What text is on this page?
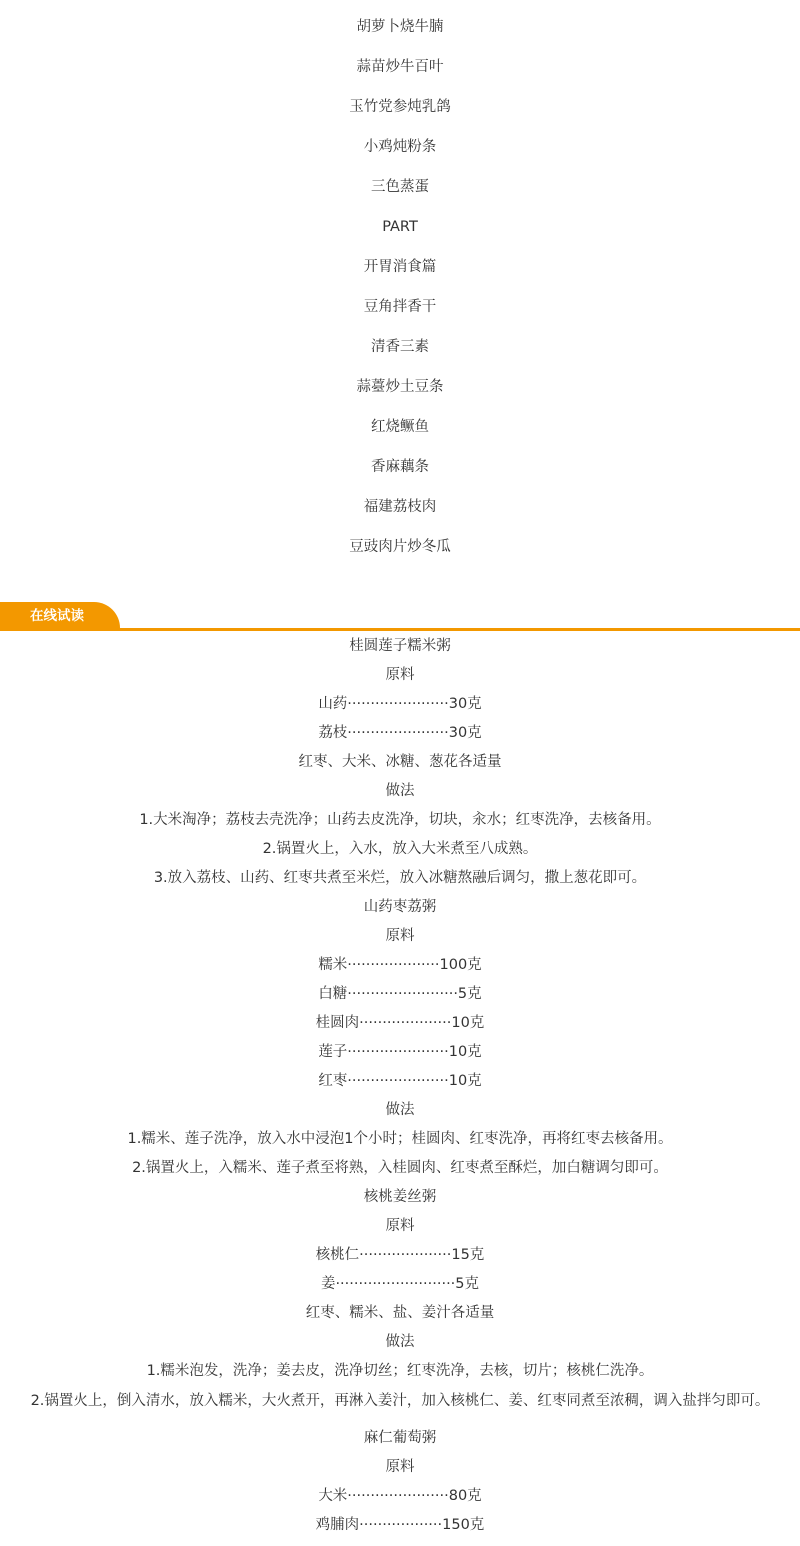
胡萝卜烧牛腩
蒜苗炒牛百叶
玉竹党参炖乳鸽
小鸡炖粉条
三色蒸蛋
PART
开胃消食篇
豆角拌香干
清香三素
蒜薹炒土豆条
红烧鳜鱼
香麻藕条
福建荔枝肉
豆豉肉片炒冬瓜
在线试读
桂圆莲子糯米粥
原料
山药······················30克
荔枝······················30克
红枣、大米、冰糖、葱花各适量
做法
1.大米淘净；荔枝去壳洗净；山药去皮洗净，切块，汆水；红枣洗净，去核备用。
2.锅置火上，入水，放入大米煮至八成熟。
3.放入荔枝、山药、红枣共煮至米烂，放入冰糖熬融后调匀，撒上葱花即可。
山药枣荔粥
原料
糯米····················100克
白糖························5克
桂圆肉····················10克
莲子······················10克
红枣······················10克
做法
1.糯米、莲子洗净，放入水中浸泡1个小时；桂圆肉、红枣洗净，再将红枣去核备用。
2.锅置火上，入糯米、莲子煮至将熟，入桂圆肉、红枣煮至酥烂，加白糖调匀即可。
核桃姜丝粥
原料
核桃仁····················15克
姜··························5克
红枣、糯米、盐、姜汁各适量
做法
1.糯米泡发，洗净；姜去皮，洗净切丝；红枣洗净，去核，切片；核桃仁洗净。
2.锅置火上，倒入清水，放入糯米，大火煮开，再淋入姜汁，加入核桃仁、姜、红枣同煮至浓稠，调入盐拌匀即可。
麻仁葡萄粥
原料
大米······················80克
鸡脯肉··················150克
